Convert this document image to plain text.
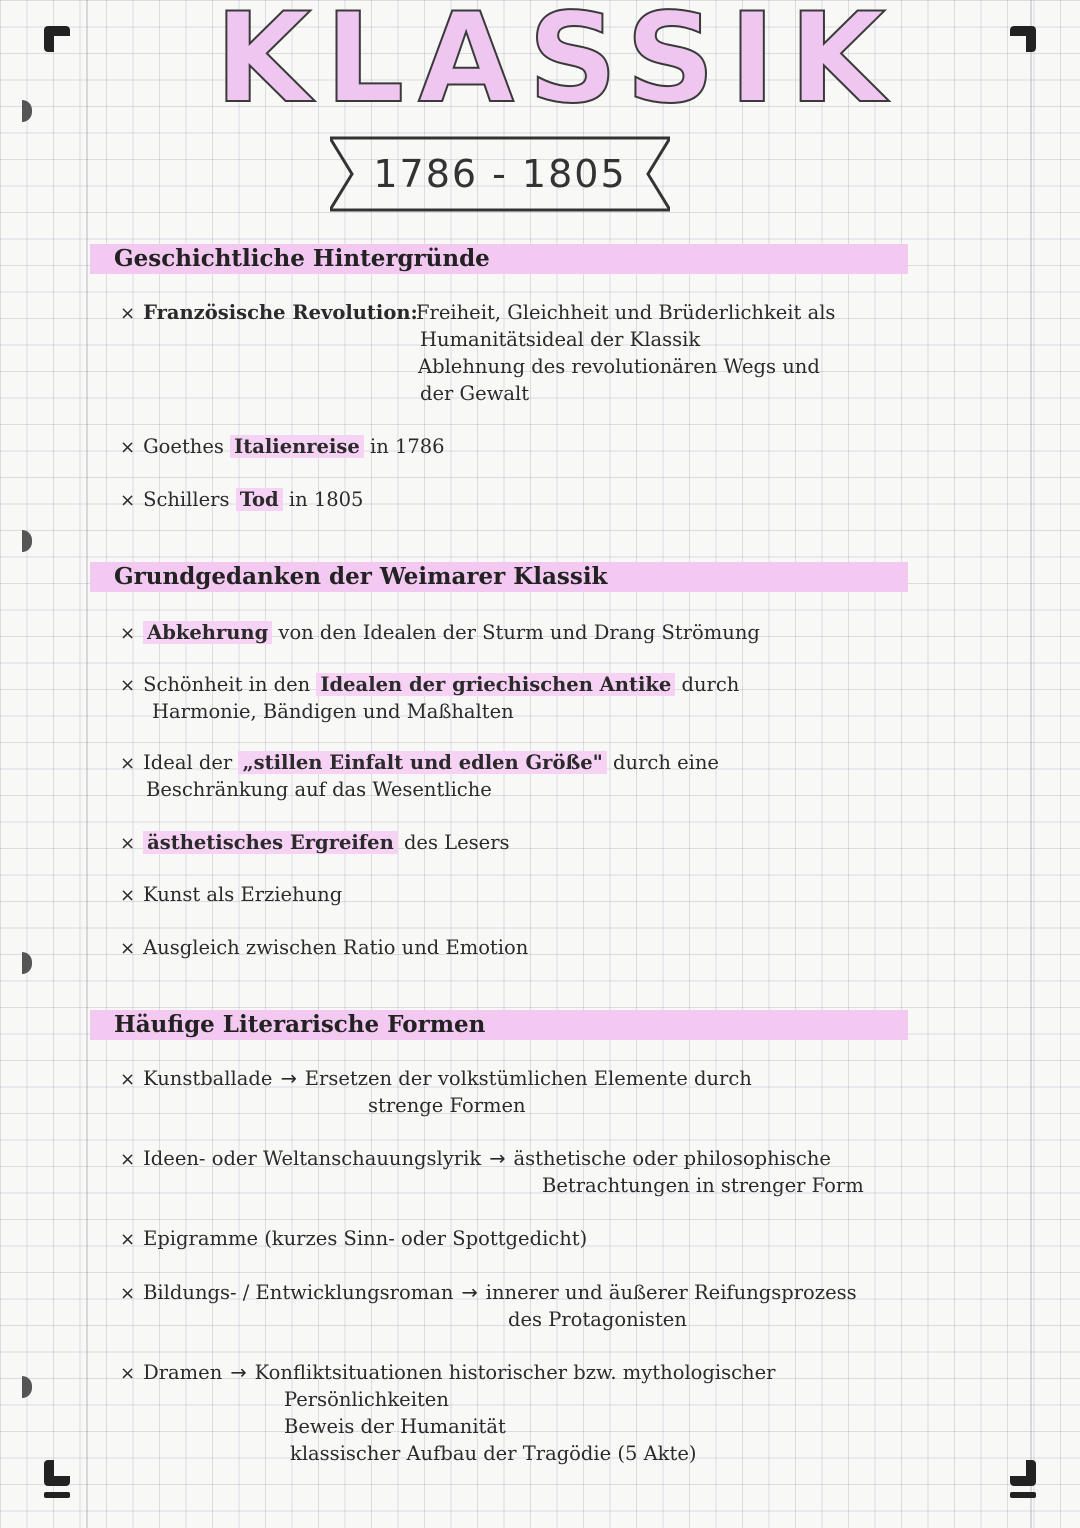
KLASSIK
1786 - 1805
Geschichtliche Hintergründe
× Französische Revolution:
Freiheit, Gleichheit und Brüderlichkeit als
Humanitätsideal der Klassik
Ablehnung des revolutionären Wegs und
der Gewalt
× Goethes Italienreise in 1786
× Schillers Tod in 1805
Grundgedanken der Weimarer Klassik
× Abkehrung von den Idealen der Sturm und Drang Strömung
× Schönheit in den Idealen der griechischen Antike durch
Harmonie, Bändigen und Maßhalten
× Ideal der „stillen Einfalt und edlen Größe" durch eine
Beschränkung auf das Wesentliche
× ästhetisches Ergreifen des Lesers
× Kunst als Erziehung
× Ausgleich zwischen Ratio und Emotion
Häufige Literarische Formen
× Kunstballade → Ersetzen der volkstümlichen Elemente durch
strenge Formen
× Ideen- oder Weltanschauungslyrik → ästhetische oder philosophische
Betrachtungen in strenger Form
× Epigramme (kurzes Sinn- oder Spottgedicht)
× Bildungs- / Entwicklungsroman → innerer und äußerer Reifungsprozess
des Protagonisten
× Dramen → Konfliktsituationen historischer bzw. mythologischer
Persönlichkeiten
Beweis der Humanität
klassischer Aufbau der Tragödie (5 Akte)
